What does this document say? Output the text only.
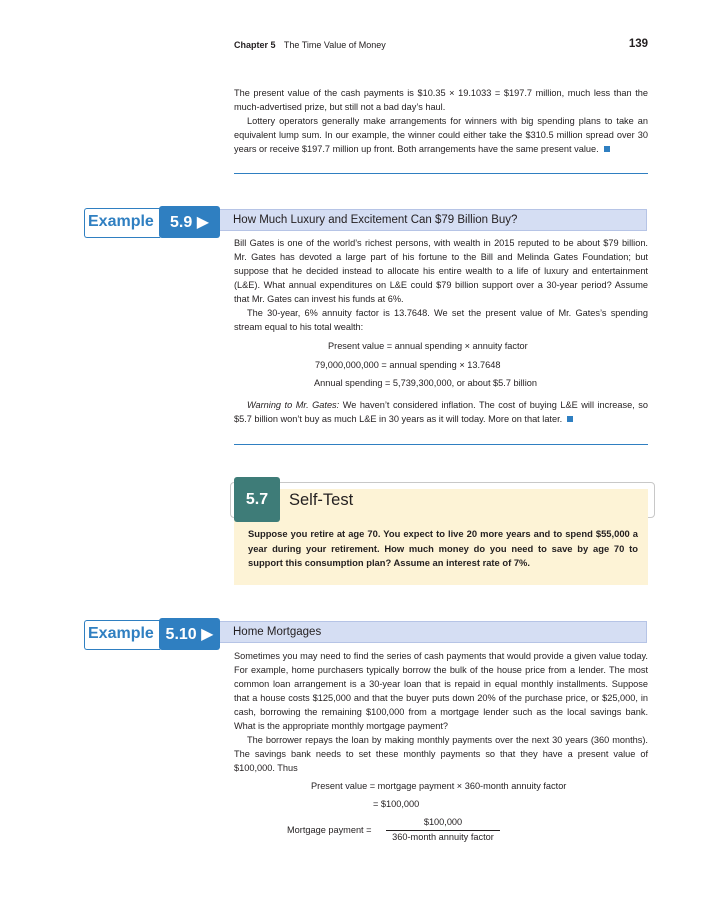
Chapter 5 The Time Value of Money	139

The present value of the cash payments is $10.35 × 19.1033 = $197.7 million, much less than the much-advertised prize, but still not a bad day’s haul.

Lottery operators generally make arrangements for winners with big spending plans to take an equivalent lump sum. In our example, the winner could either take the $310.5 million spread over 30 years or receive $197.7 million up front. Both arrangements have the same present value.

Example	5.9 ▶	How Much Luxury and Excitement Can $79 Billion Buy?

Bill Gates is one of the world’s richest persons, with wealth in 2015 reputed to be about $79 billion. Mr. Gates has devoted a large part of his fortune to the Bill and Melinda Gates Foundation; but suppose that he decided instead to allocate his entire wealth to a life of luxury and entertainment (L&E). What annual expenditures on L&E could $79 billion support over a 30-year period? Assume that Mr. Gates can invest his funds at 6%.

The 30-year, 6% annuity factor is 13.7648. We set the present value of Mr. Gates’s spending stream equal to his total wealth:

Present value = annual spending × annuity factor
79,000,000,000 = annual spending × 13.7648
Annual spending = 5,739,300,000, or about $5.7 billion

Warning to Mr. Gates: We haven’t considered inflation. The cost of buying L&E will increase, so $5.7 billion won’t buy as much L&E in 30 years as it will today. More on that later.

5.7	Self-Test
Suppose you retire at age 70. You expect to live 20 more years and to spend $55,000 a year during your retirement. How much money do you need to save by age 70 to support this consumption plan? Assume an interest rate of 7%.
Example 5.10 ▶	Home Mortgages

Sometimes you may need to find the series of cash payments that would provide a given value today. For example, home purchasers typically borrow the bulk of the house price from a lender. The most common loan arrangement is a 30-year loan that is repaid in equal monthly installments. Suppose that a house costs $125,000 and that the buyer puts down 20% of the purchase price, or $25,000, in cash, borrowing the remaining $100,000 from a mortgage lender such as the local savings bank. What is the appropriate monthly mortgage payment?

The borrower repays the loan by making monthly payments over the next 30 years (360 months). The savings bank needs to set these monthly payments so that they have a present value of $100,000. Thus

Present value = mortgage payment × 360-month annuity factor
= $100,000
Mortgage payment =
$100,000
360-month annuity factor
